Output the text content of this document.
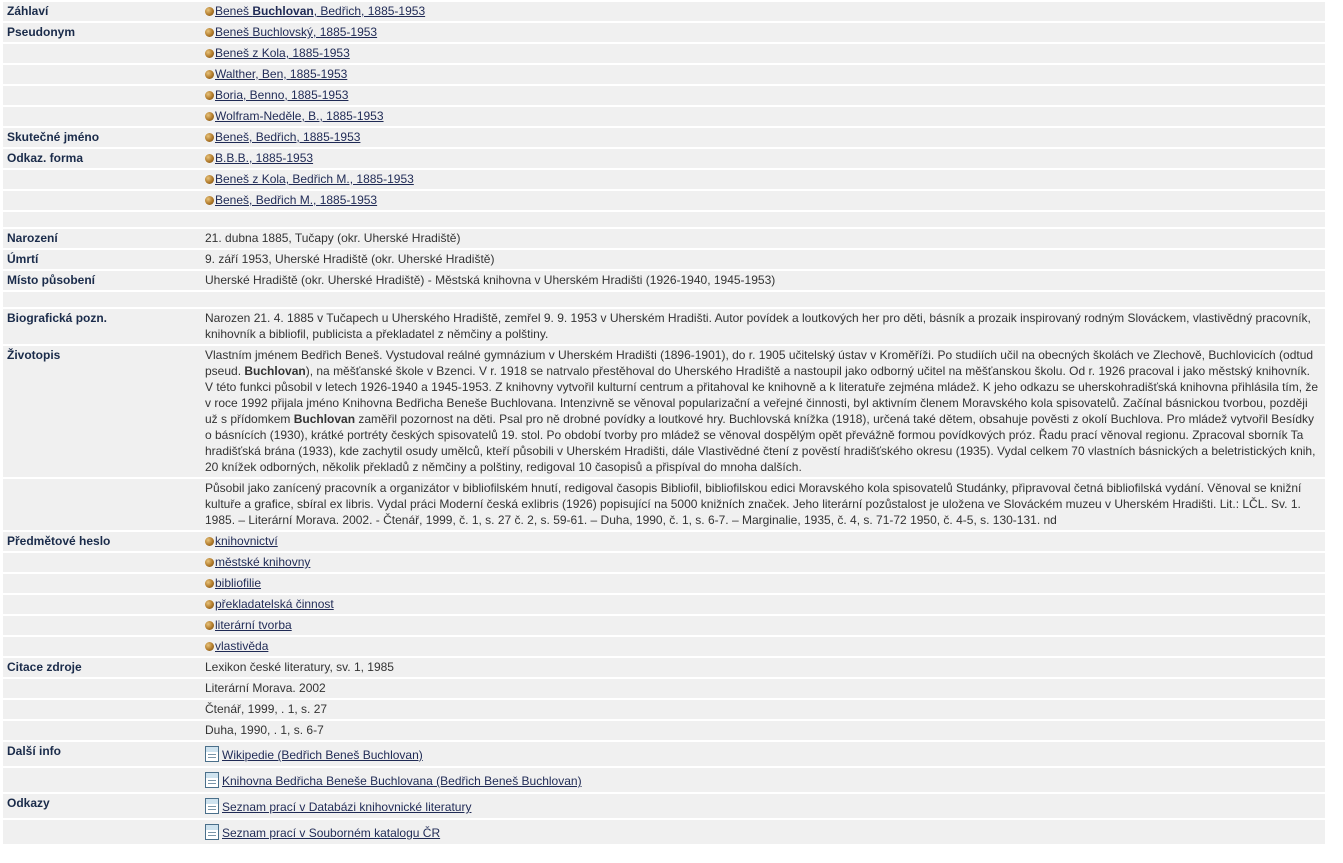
Záhlaví	Beneš Buchlovan, Bedřich, 1885-1953
Pseudonym	Beneš Buchlovský, 1885-1953
	Beneš z Kola, 1885-1953
	Walther, Ben, 1885-1953
	Boria, Benno, 1885-1953
	Wolfram-Neděle, B., 1885-1953
Skutečné jméno	Beneš, Bedřich, 1885-1953
Odkaz. forma	B.B.B., 1885-1953
	Beneš z Kola, Bedřich M., 1885-1953
	Beneš, Bedřich M., 1885-1953

Narození	21. dubna 1885, Tučapy (okr. Uherské Hradiště)
Úmrtí	9. září 1953, Uherské Hradiště (okr. Uherské Hradiště)
Místo působení	Uherské Hradiště (okr. Uherské Hradiště) - Městská knihovna v Uherském Hradišti (1926-1940, 1945-1953)

Biografická pozn.	Narozen 21. 4. 1885 v Tučapech u Uherského Hradiště, zemřel 9. 9. 1953 v Uherském Hradišti. Autor povídek a loutkových her pro děti, básník a prozaik inspirovaný rodným Slováckem, vlastivědný pracovník, knihovník a bibliofil, publicista a překladatel z němčiny a polštiny.
Životopis	Vlastním jménem Bedřich Beneš. Vystudoval reálné gymnázium v Uherském Hradišti (1896-1901), do r. 1905 učitelský ústav v Kroměříži. Po studiích učil na obecných školách ve Zlechově, Buchlovicích (odtud pseud. Buchlovan), na měšťanské škole v Bzenci. V r. 1918 se natrvalo přestěhoval do Uherského Hradiště a nastoupil jako odborný učitel na měšťanskou školu. Od r. 1926 pracoval i jako městský knihovník. V této funkci působil v letech 1926-1940 a 1945-1953. Z knihovny vytvořil kulturní centrum a přitahoval ke knihovně a k literatuře zejména mládež. K jeho odkazu se uherskohradišťská knihovna přihlásila tím, že v roce 1992 přijala jméno Knihovna Bedřicha Beneše Buchlovana. Intenzivně se věnoval popularizační a veřejné činnosti, byl aktivním členem Moravského kola spisovatelů. Začínal básnickou tvorbou, později už s přídomkem Buchlovan zaměřil pozornost na děti. Psal pro ně drobné povídky a loutkové hry. Buchlovská knížka (1918), určená také dětem, obsahuje pověsti z okolí Buchlova. Pro mládež vytvořil Besídky o básnících (1930), krátké portréty českých spisovatelů 19. stol. Po období tvorby pro mládež se věnoval dospělým opět převážně formou povídkových próz. Řadu prací věnoval regionu. Zpracoval sborník Ta hradišťská brána (1933), kde zachytil osudy umělců, kteří působili v Uherském Hradišti, dále Vlastivědné čtení z pověstí hradišťského okresu (1935). Vydal celkem 70 vlastních básnických a beletristických knih, 20 knížek odborných, několik překladů z němčiny a polštiny, redigoval 10 časopisů a přispíval do mnoha dalších.
	Působil jako zanícený pracovník a organizátor v bibliofilském hnutí, redigoval časopis Bibliofil, bibliofilskou edici Moravského kola spisovatelů Studánky, připravoval četná bibliofilská vydání. Věnoval se knižní kultuře a grafice, sbíral ex libris. Vydal práci Moderní česká exlibris (1926) popisující na 5000 knižních značek. Jeho literární pozůstalost je uložena ve Slováckém muzeu v Uherském Hradišti. Lit.: LČL. Sv. 1. 1985. – Literární Morava. 2002. - Čtenář, 1999, č. 1, s. 27 č. 2, s. 59-61. – Duha, 1990, č. 1, s. 6-7. – Marginalie, 1935, č. 4, s. 71-72 1950, č. 4-5, s. 130-131. nd
Předmětové heslo	knihovnictví
	městské knihovny
	bibliofilie
	překladatelská činnost
	literární tvorba
	vlastivěda
Citace zdroje	Lexikon české literatury, sv. 1, 1985
	Literární Morava. 2002
	Čtenář, 1999, . 1, s. 27
	Duha, 1990, . 1, s. 6-7
Další info	Wikipedie (Bedřich Beneš Buchlovan)
	Knihovna Bedřicha Beneše Buchlovana (Bedřich Beneš Buchlovan)
Odkazy	Seznam prací v Databázi knihovnické literatury
	Seznam prací v Souborném katalogu ČR
